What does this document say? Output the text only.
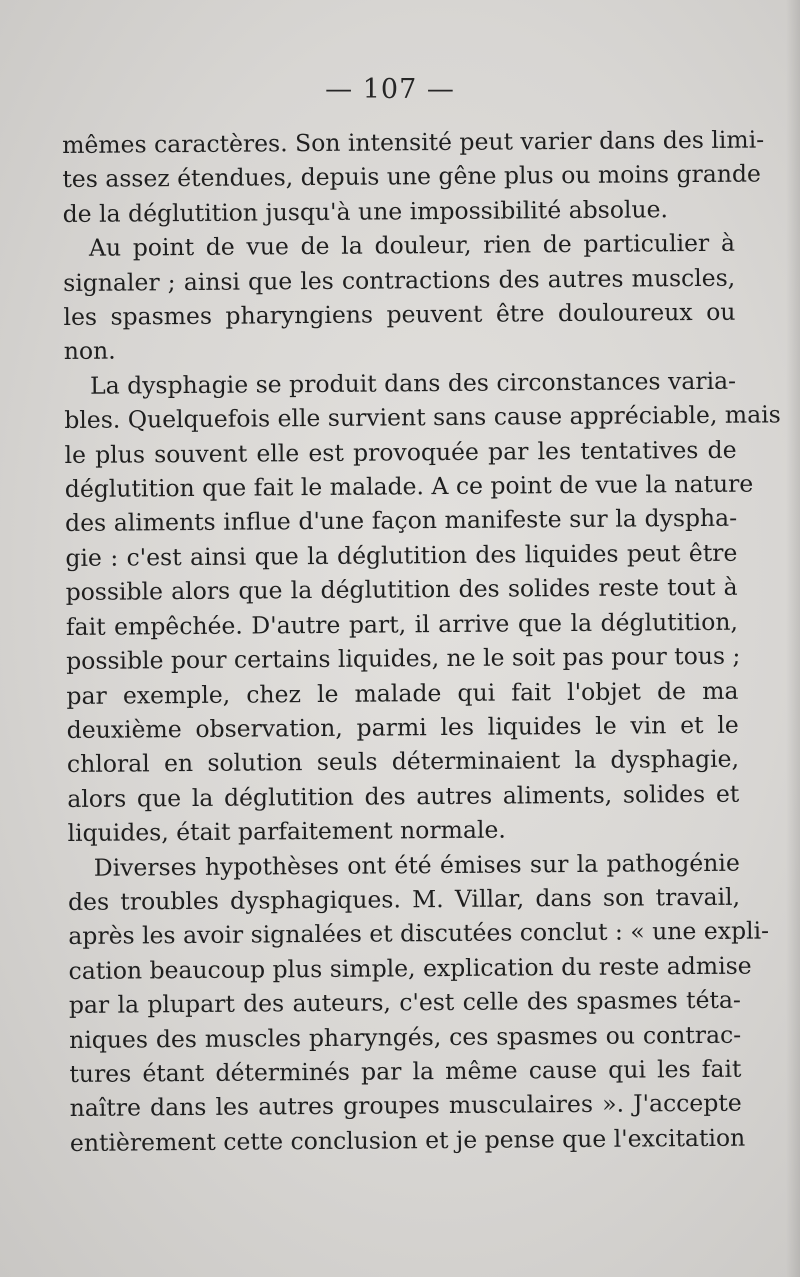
— 107 —
mêmes caractères. Son intensité peut varier dans des limi-
tes assez étendues, depuis une gêne plus ou moins grande
de la déglutition jusqu'à une impossibilité absolue.
Au point de vue de la douleur, rien de particulier à
signaler ; ainsi que les contractions des autres muscles,
les spasmes pharyngiens peuvent être douloureux ou
non.
La dysphagie se produit dans des circonstances varia-
bles. Quelquefois elle survient sans cause appréciable, mais
le plus souvent elle est provoquée par les tentatives de
déglutition que fait le malade. A ce point de vue la nature
des aliments influe d'une façon manifeste sur la dyspha-
gie : c'est ainsi que la déglutition des liquides peut être
possible alors que la déglutition des solides reste tout à
fait empêchée. D'autre part, il arrive que la déglutition,
possible pour certains liquides, ne le soit pas pour tous ;
par exemple, chez le malade qui fait l'objet de ma
deuxième observation, parmi les liquides le vin et le
chloral en solution seuls déterminaient la dysphagie,
alors que la déglutition des autres aliments, solides et
liquides, était parfaitement normale.
Diverses hypothèses ont été émises sur la pathogénie
des troubles dysphagiques. M. Villar, dans son travail,
après les avoir signalées et discutées conclut : « une expli-
cation beaucoup plus simple, explication du reste admise
par la plupart des auteurs, c'est celle des spasmes téta-
niques des muscles pharyngés, ces spasmes ou contrac-
tures étant déterminés par la même cause qui les fait
naître dans les autres groupes musculaires ». J'accepte
entièrement cette conclusion et je pense que l'excitation
